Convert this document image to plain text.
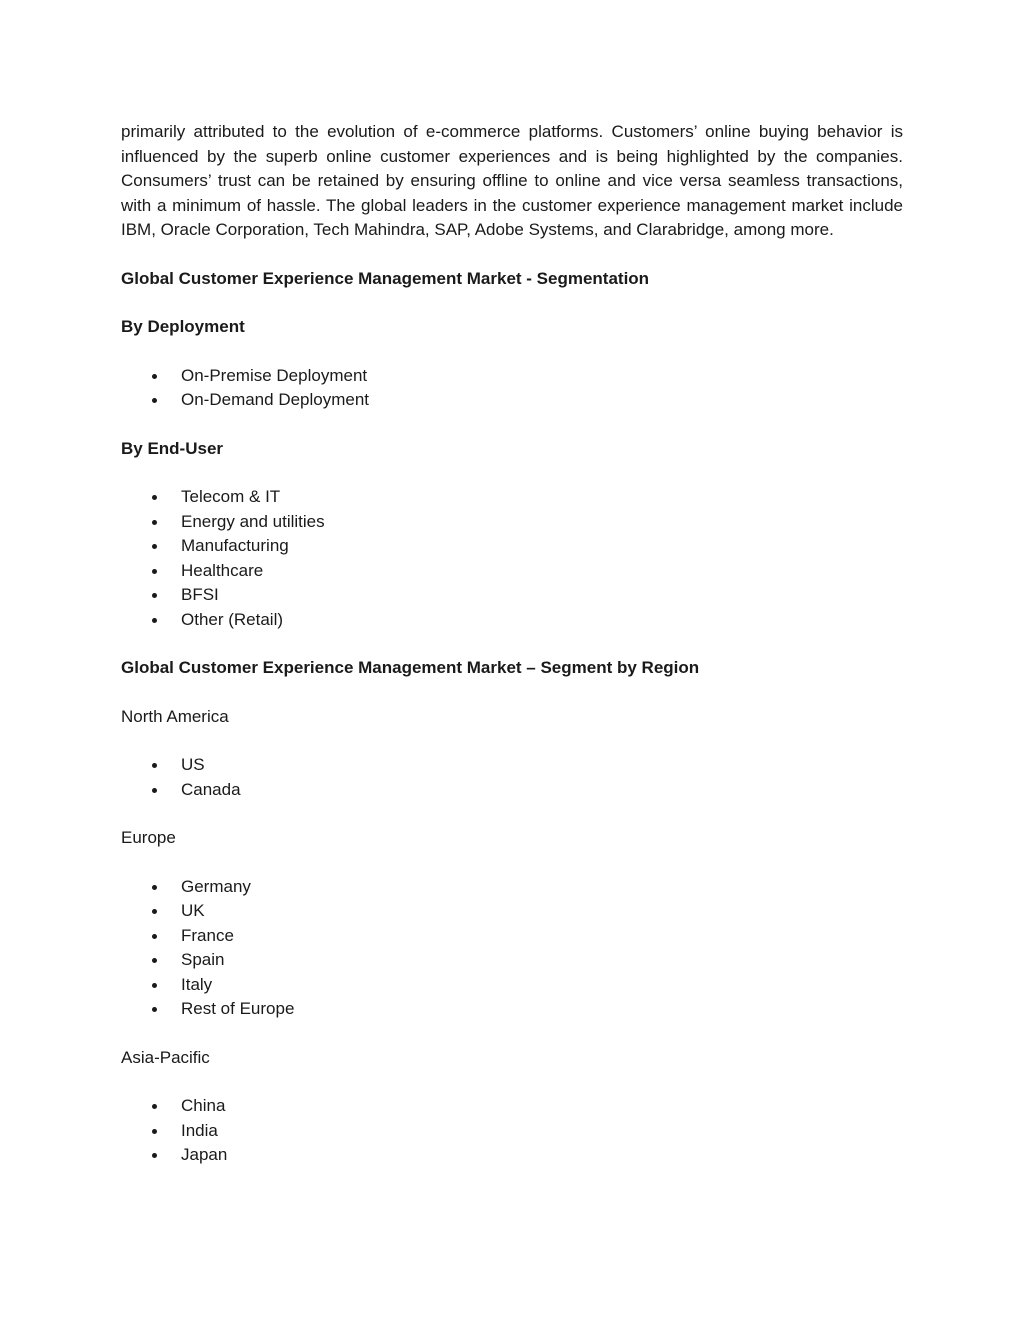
primarily attributed to the evolution of e-commerce platforms. Customers’ online buying behavior is influenced by the superb online customer experiences and is being highlighted by the companies. Consumers’ trust can be retained by ensuring offline to online and vice versa seamless transactions, with a minimum of hassle. The global leaders in the customer experience management market include IBM, Oracle Corporation, Tech Mahindra, SAP, Adobe Systems, and Clarabridge, among more.

Global Customer Experience Management Market - Segmentation

By Deployment

On-Premise Deployment
On-Demand Deployment

By End-User

Telecom & IT
Energy and utilities
Manufacturing
Healthcare
BFSI
Other (Retail)

Global Customer Experience Management Market – Segment by Region

North America

US
Canada

Europe

Germany
UK
France
Spain
Italy
Rest of Europe

Asia-Pacific

China
India
Japan
